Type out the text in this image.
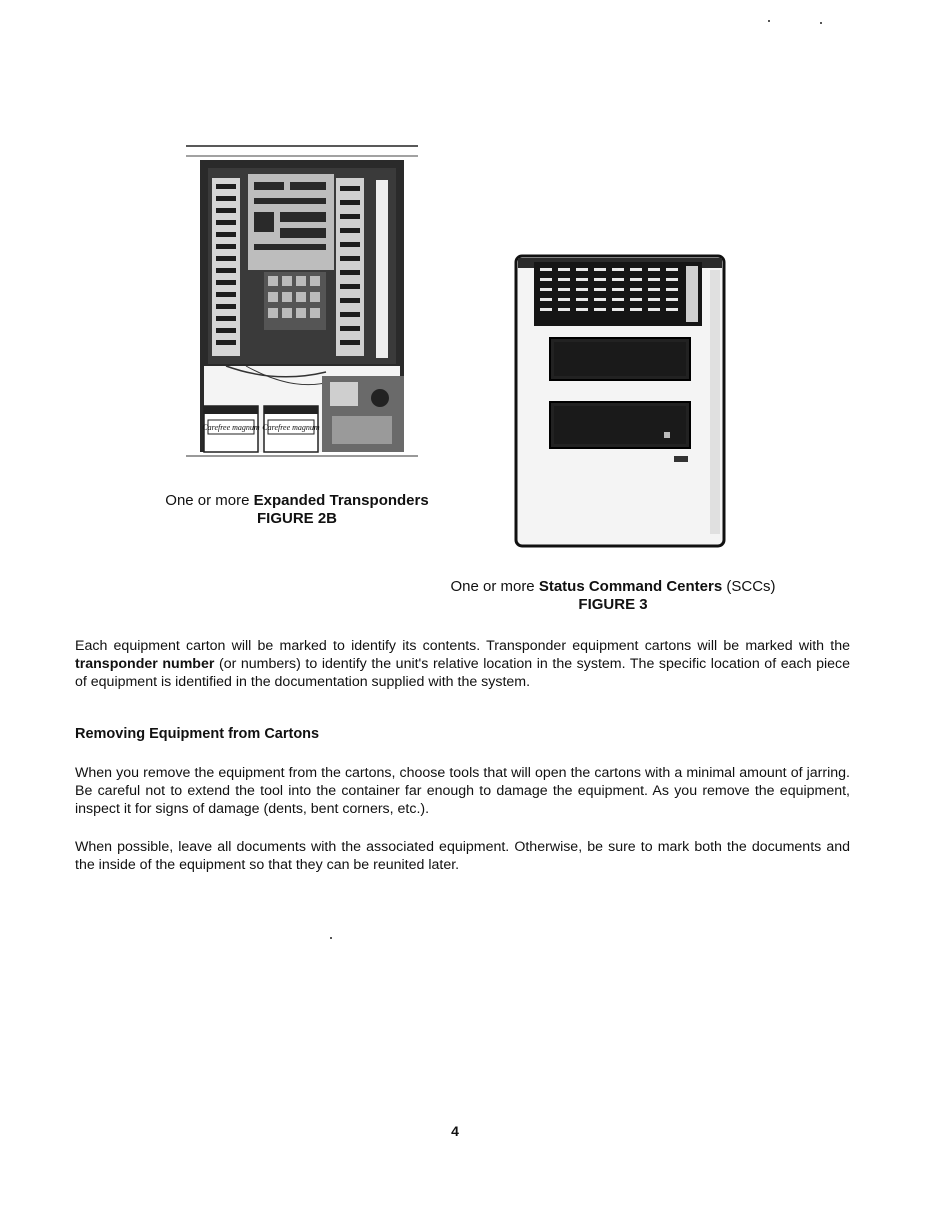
Carefree magnum Carefree magnum
One or more Expanded Transponders
FIGURE 2B
One or more Status Command Centers (SCCs)
FIGURE 3

Each equipment carton will be marked to identify its contents. Transponder equipment cartons will be marked with the transponder number (or numbers) to identify the unit's relative location in the system. The specific location of each piece of equipment is identified in the documentation supplied with the system.

Removing Equipment from Cartons

When you remove the equipment from the cartons, choose tools that will open the cartons with a minimal amount of jarring. Be careful not to extend the tool into the container far enough to damage the equipment. As you remove the equipment, inspect it for signs of damage (dents, bent corners, etc.).

When possible, leave all documents with the associated equipment. Otherwise, be sure to mark both the documents and the inside of the equipment so that they can be reunited later.

4
